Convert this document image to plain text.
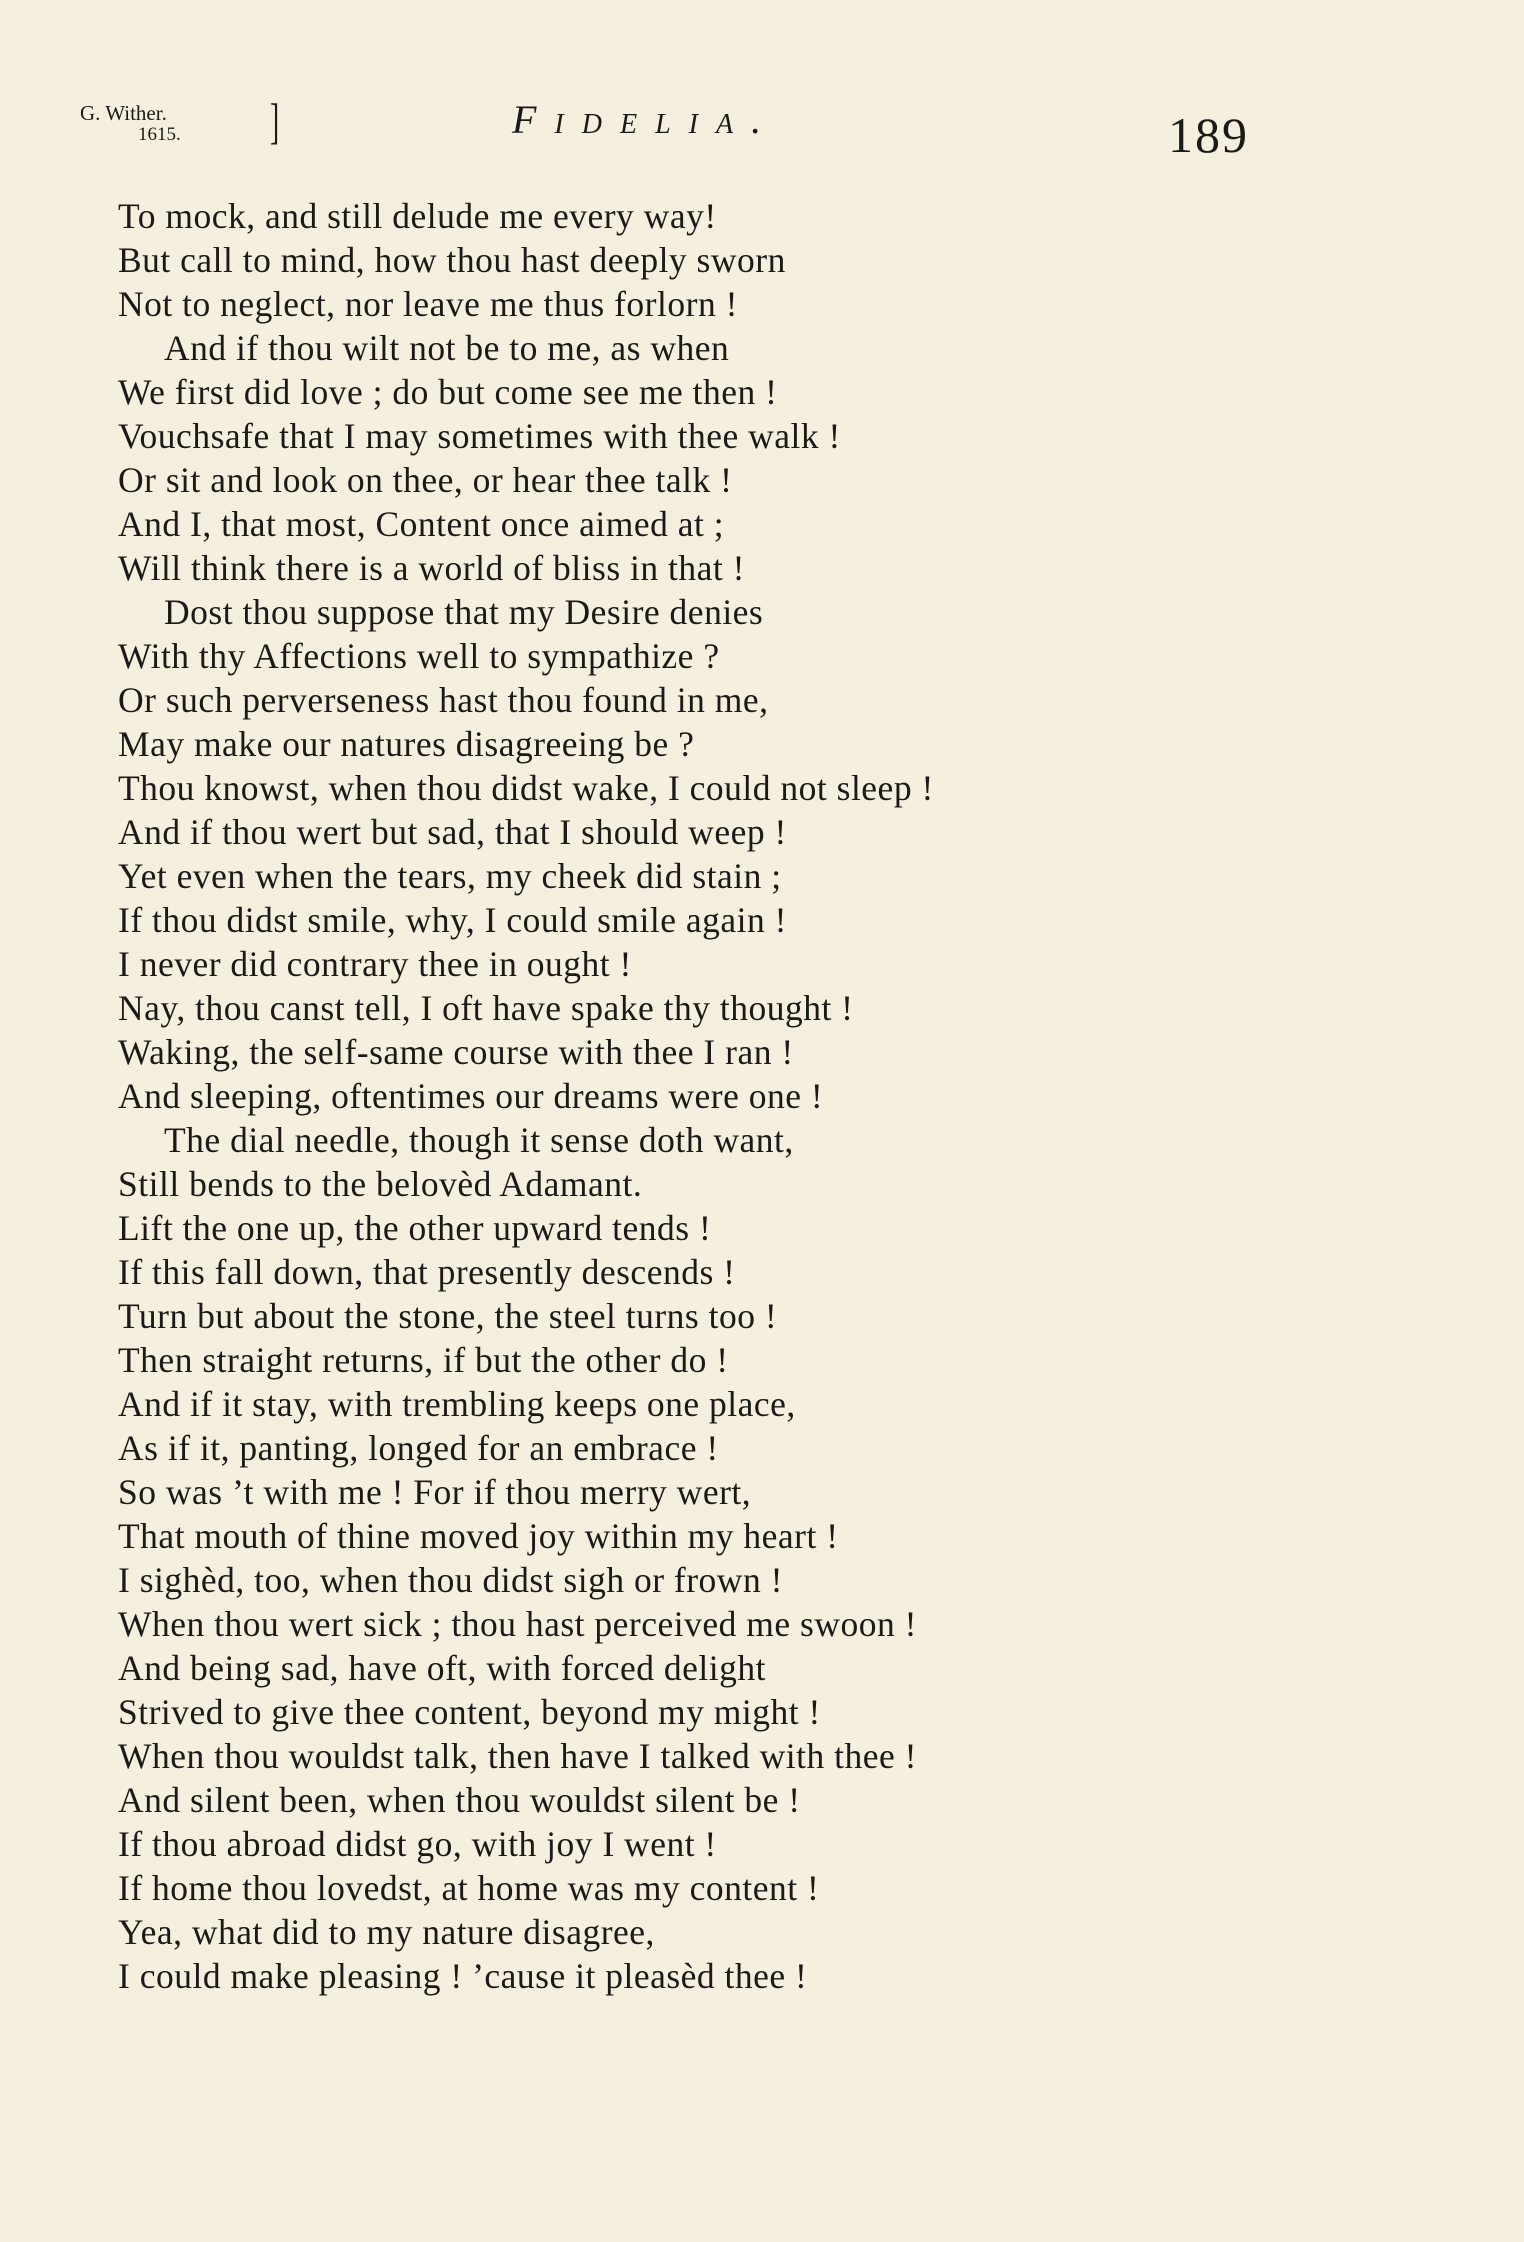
G. Wither.
1615. ]	Fidelia.	189
To mock, and still delude me every way!
But call to mind, how thou hast deeply sworn
Not to neglect, nor leave me thus forlorn !
And if thou wilt not be to me, as when
We first did love ; do but come see me then !
Vouchsafe that I may sometimes with thee walk !
Or sit and look on thee, or hear thee talk !
And I, that most, Content once aimed at ;
Will think there is a world of bliss in that !
Dost thou suppose that my Desire denies
With thy Affections well to sympathize ?
Or such perverseness hast thou found in me,
May make our natures disagreeing be ?
Thou knowst, when thou didst wake, I could not sleep !
And if thou wert but sad, that I should weep !
Yet even when the tears, my cheek did stain ;
If thou didst smile, why, I could smile again !
I never did contrary thee in ought !
Nay, thou canst tell, I oft have spake thy thought !
Waking, the self-same course with thee I ran !
And sleeping, oftentimes our dreams were one !
The dial needle, though it sense doth want,
Still bends to the belovèd Adamant.
Lift the one up, the other upward tends !
If this fall down, that presently descends !
Turn but about the stone, the steel turns too !
Then straight returns, if but the other do !
And if it stay, with trembling keeps one place,
As if it, panting, longed for an embrace !
So was ’t with me ! For if thou merry wert,
That mouth of thine moved joy within my heart !
I sighèd, too, when thou didst sigh or frown !
When thou wert sick ; thou hast perceived me swoon !
And being sad, have oft, with forced delight
Strived to give thee content, beyond my might !
When thou wouldst talk, then have I talked with thee !
And silent been, when thou wouldst silent be !
If thou abroad didst go, with joy I went !
If home thou lovedst, at home was my content !
Yea, what did to my nature disagree,
I could make pleasing ! ’cause it pleasèd thee !
